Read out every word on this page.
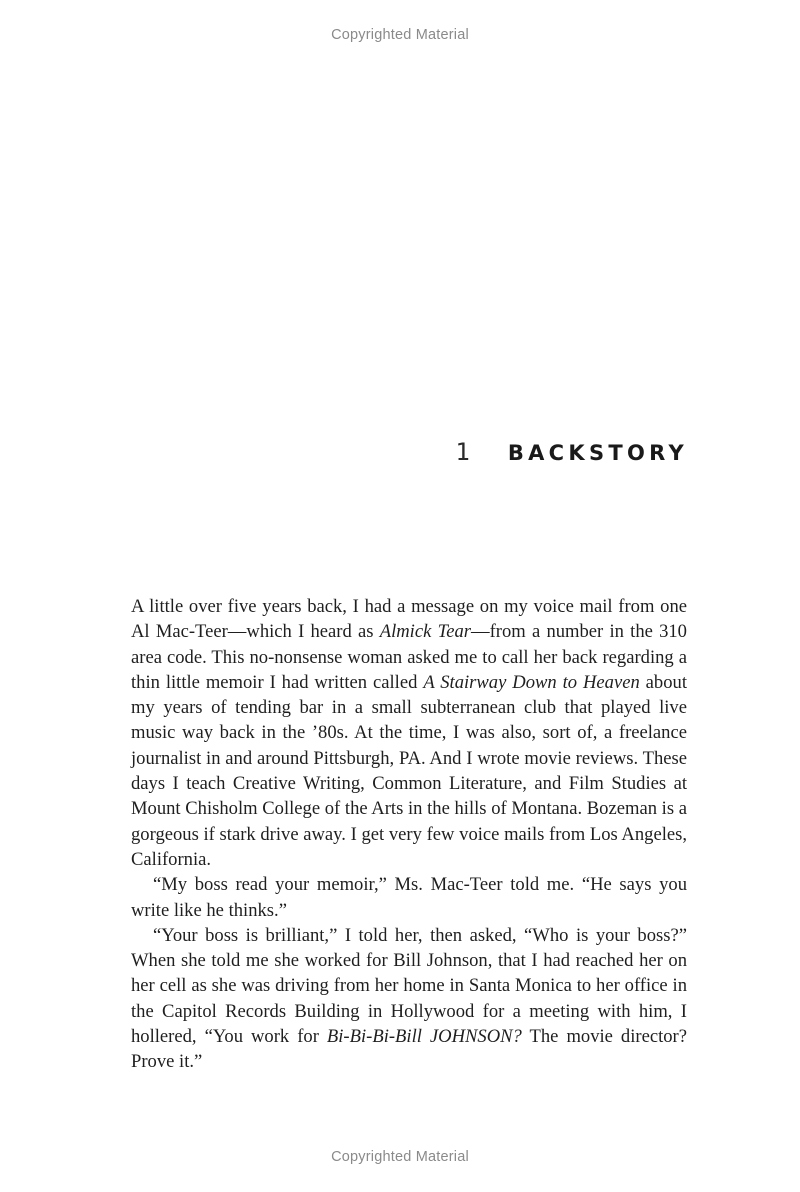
Copyrighted Material
1 BACKSTORY

A little over five years back, I had a message on my voice mail from one Al Mac-Teer—which I heard as Almick Tear—from a number in the 310 area code. This no-nonsense woman asked me to call her back regarding a thin little memoir I had written called A Stairway Down to Heaven about my years of tending bar in a small subterranean club that played live music way back in the ’80s. At the time, I was also, sort of, a freelance journalist in and around Pittsburgh, PA. And I wrote movie reviews. These days I teach Creative Writing, Common Literature, and Film Studies at Mount Chisholm College of the Arts in the hills of Montana. Bozeman is a gorgeous if stark drive away. I get very few voice mails from Los Angeles, California.

“My boss read your memoir,” Ms. Mac-Teer told me. “He says you write like he thinks.”

“Your boss is brilliant,” I told her, then asked, “Who is your boss?” When she told me she worked for Bill Johnson, that I had reached her on her cell as she was driving from her home in Santa Monica to her office in the Capitol Records Building in Hollywood for a meeting with him, I hollered, “You work for Bi-Bi-Bi-Bill JOHNSON? The movie director? Prove it.”

Copyrighted Material
